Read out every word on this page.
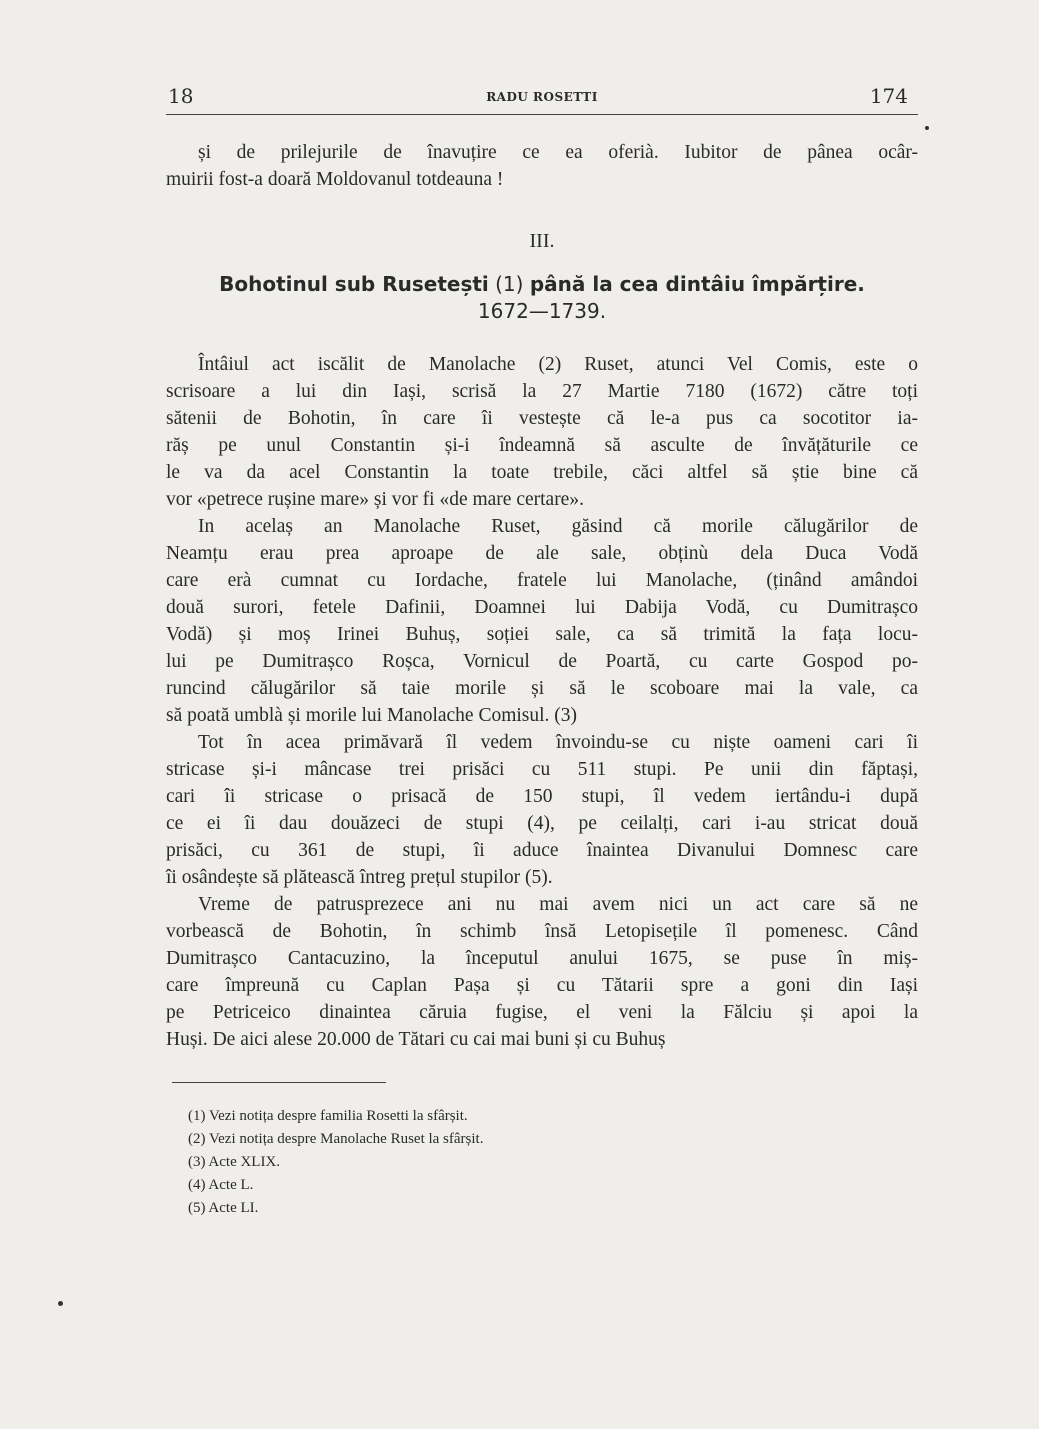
18	RADU ROSETTI	174
și de prilejurile de înavuțire ce ea oferià. Iubitor de pânea ocâr-
muirii fost-a doară Moldovanul totdeauna !
III.
Bohotinul sub Rusetești (1) până la cea dintâiu împărțire.
1672—1739.
Întâiul act iscălit de Manolache (2) Ruset, atunci Vel Comis, este o
scrisoare a lui din Iași, scrisă la 27 Martie 7180 (1672) către toți
sătenii de Bohotin, în care îi vestește că le-a pus ca socotitor ia-
răș pe unul Constantin și-i îndeamnă să asculte de învățăturile ce
le va da acel Constantin la toate trebile, căci altfel să știe bine că
vor «petrece rușine mare» și vor fi «de mare certare».
In acelaș an Manolache Ruset, găsind că morile călugărilor de
Neamțu erau prea aproape de ale sale, obținù dela Duca Vodă
care erà cumnat cu Iordache, fratele lui Manolache, (ținând amândoi
două surori, fetele Dafinii, Doamnei lui Dabija Vodă, cu Dumitrașco
Vodă) și moș Irinei Buhuș, soției sale, ca să trimită la fața locu-
lui pe Dumitrașco Roșca, Vornicul de Poartă, cu carte Gospod po-
runcind călugărilor să taie morile și să le scoboare mai la vale, ca
să poată umblà și morile lui Manolache Comisul. (3)
Tot în acea primăvară îl vedem învoindu-se cu niște oameni cari îi
stricase și-i mâncase trei prisăci cu 511 stupi. Pe unii din făptași,
cari îi stricase o prisacă de 150 stupi, îl vedem iertându-i după
ce ei îi dau douăzeci de stupi (4), pe ceilalți, cari i-au stricat două
prisăci, cu 361 de stupi, îi aduce înaintea Divanului Domnesc care
îi osândește să plătească întreg prețul stupilor (5).
Vreme de patrusprezece ani nu mai avem nici un act care să ne
vorbească de Bohotin, în schimb însă Letopisețile îl pomenesc. Când
Dumitrașco Cantacuzino, la începutul anului 1675, se puse în miș-
care împreună cu Caplan Pașa și cu Tătarii spre a goni din Iași
pe Petriceico dinaintea căruia fugise, el veni la Fălciu și apoi la
Huși. De aici alese 20.000 de Tătari cu cai mai buni și cu Buhuș
(1) Vezi notița despre familia Rosetti la sfârșit.
(2) Vezi notița despre Manolache Ruset la sfârșit.
(3) Acte XLIX.
(4) Acte L.
(5) Acte LI.
